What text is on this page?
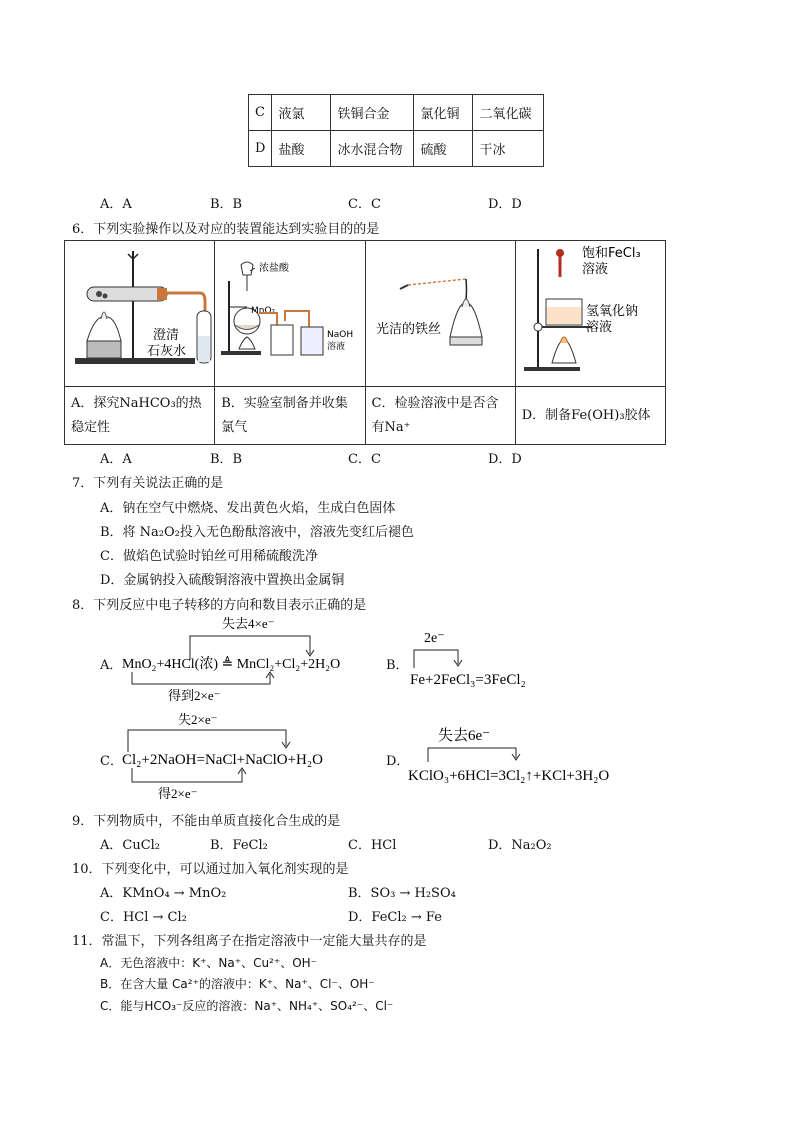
C	液氯	铁铜合金	氯化铜	二氧化碳
D	盐酸	冰水混合物	硫酸	干冰
A．A	B．B	C．C	D．D
6．下列实验操作以及对应的装置能达到实验目的的是
澄清
石灰水	浓盐酸
MnO₂
NaOH
溶液	光洁的铁丝	饱和FeCl₃
溶液
氢氧化钠
溶液

A．探究NaHCO₃的热稳定性	B．实验室制备并收集氯气	C．检验溶液中是否含有Na⁺	D．制备Fe(OH)₃胶体
A．A	B．B	C．C	D．D
7．下列有关说法正确的是
A．钠在空气中燃烧、发出黄色火焰，生成白色固体
B．将 Na₂O₂投入无色酚酞溶液中，溶液先变红后褪色
C．做焰色试验时铂丝可用稀硫酸洗净
D．金属钠投入硫酸铜溶液中置换出金属铜
8．下列反应中电子转移的方向和数目表示正确的是
A．
失去4×e⁻
MnO₂+4HCl(浓) ≜ MnCl₂+Cl₂+2H₂O
得到2×e⁻
B．
2e⁻
Fe+2FeCl₃=3FeCl₂
C．
失2×e⁻
Cl₂+2NaOH=NaCl+NaClO+H₂O
得2×e⁻
D．
失去6e⁻
KClO₃+6HCl=3Cl₂↑+KCl+3H₂O
9．下列物质中，不能由单质直接化合生成的是
A．CuCl₂	B．FeCl₂	C．HCl	D．Na₂O₂
10．下列变化中，可以通过加入氧化剂实现的是
A．KMnO₄ → MnO₂	B．SO₃ → H₂SO₄
C．HCl → Cl₂	D．FeCl₂ → Fe
11．常温下，下列各组离子在指定溶液中一定能大量共存的是
A．无色溶液中：K⁺、Na⁺、Cu²⁺、OH⁻
B．在含大量 Ca²⁺的溶液中：K⁺、Na⁺、Cl⁻、OH⁻
C．能与HCO₃⁻反应的溶液：Na⁺、NH₄⁺、SO₄²⁻、Cl⁻
